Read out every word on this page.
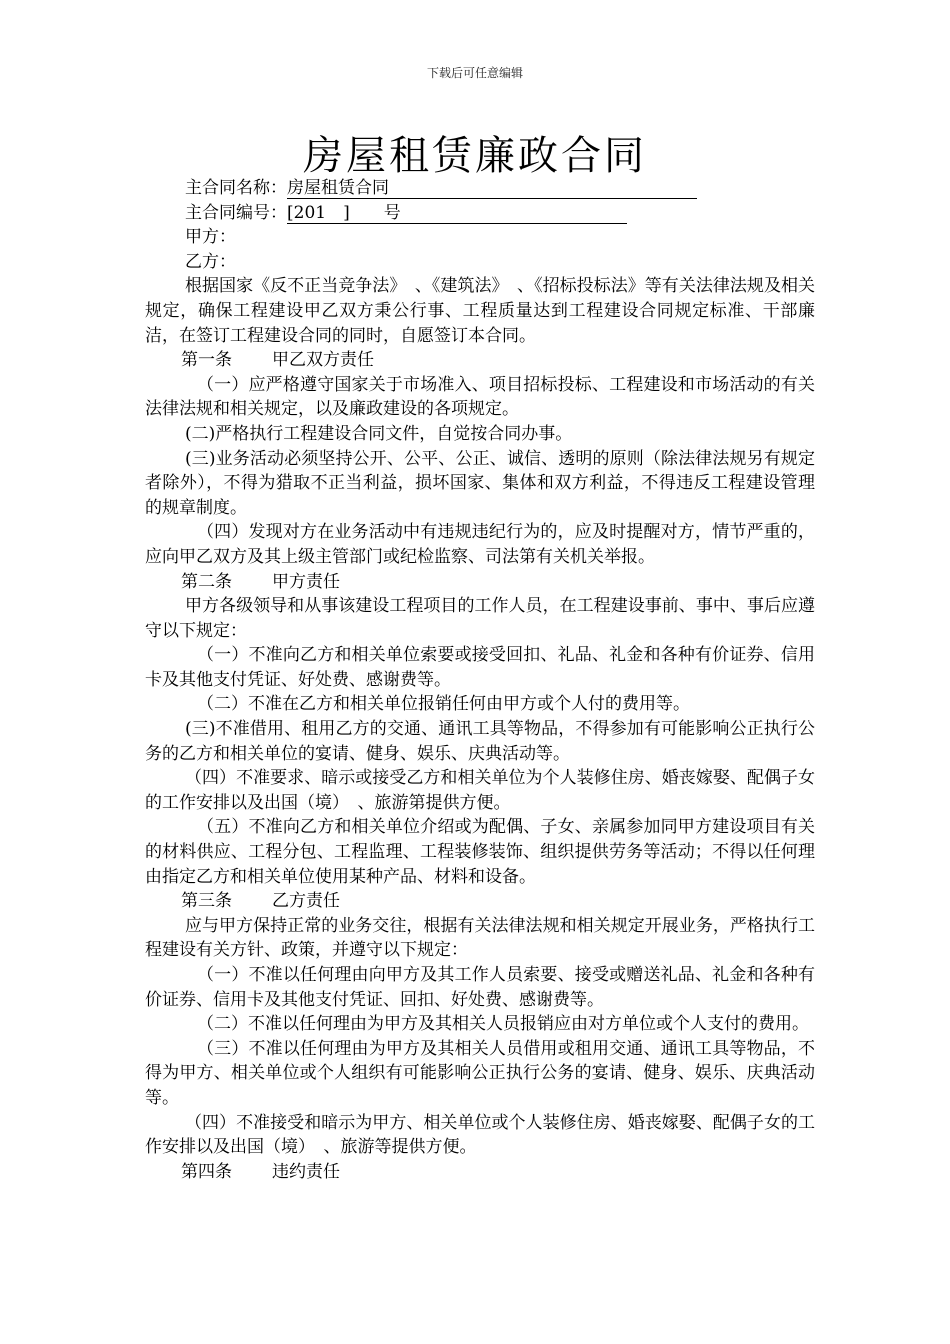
下载后可任意编辑
房屋租赁廉政合同

主合同名称：房屋租赁合同

主合同编号：[201　]　　号

甲方：

乙方：

根据国家《反不正当竞争法》　、《建筑法》　、《招标投标法》等有关法律法规及相关规定，确保工程建设甲乙双方秉公行事、工程质量达到工程建设合同规定标准、干部廉洁，在签订工程建设合同的同时，自愿签订本合同。

第一条 甲乙双方责任

（一）应严格遵守国家关于市场准入、项目招标投标、工程建设和市场活动的有关法律法规和相关规定，以及廉政建设的各项规定。

(二)严格执行工程建设合同文件，自觉按合同办事。

(三)业务活动必须坚持公开、公平、公正、诚信、透明的原则（除法律法规另有规定者除外），不得为猎取不正当利益，损坏国家、集体和双方利益，不得违反工程建设管理的规章制度。

（四）发现对方在业务活动中有违规违纪行为的，应及时提醒对方，情节严重的，应向甲乙双方及其上级主管部门或纪检监察、司法第有关机关举报。

第二条 甲方责任

甲方各级领导和从事该建设工程项目的工作人员，在工程建设事前、事中、事后应遵守以下规定：

（一）不准向乙方和相关单位索要或接受回扣、礼品、礼金和各种有价证券、信用卡及其他支付凭证、好处费、感谢费等。

（二）不准在乙方和相关单位报销任何由甲方或个人付的费用等。

(三)不准借用、租用乙方的交通、通讯工具等物品，不得参加有可能影响公正执行公务的乙方和相关单位的宴请、健身、娱乐、庆典活动等。

（四）不准要求、暗示或接受乙方和相关单位为个人装修住房、婚丧嫁娶、配偶子女的工作安排以及出国（境）　、旅游第提供方便。

（五）不准向乙方和相关单位介绍或为配偶、子女、亲属参加同甲方建设项目有关的材料供应、工程分包、工程监理、工程装修装饰、组织提供劳务等活动；不得以任何理由指定乙方和相关单位使用某种产品、材料和设备。

第三条 乙方责任

应与甲方保持正常的业务交往，根据有关法律法规和相关规定开展业务，严格执行工程建设有关方针、政策，并遵守以下规定：

（一）不准以任何理由向甲方及其工作人员索要、接受或赠送礼品、礼金和各种有价证券、信用卡及其他支付凭证、回扣、好处费、感谢费等。

（二）不准以任何理由为甲方及其相关人员报销应由对方单位或个人支付的费用。

（三）不准以任何理由为甲方及其相关人员借用或租用交通、通讯工具等物品，不得为甲方、相关单位或个人组织有可能影响公正执行公务的宴请、健身、娱乐、庆典活动等。

（四）不准接受和暗示为甲方、相关单位或个人装修住房、婚丧嫁娶、配偶子女的工作安排以及出国（境）　、旅游等提供方便。

第四条 违约责任
